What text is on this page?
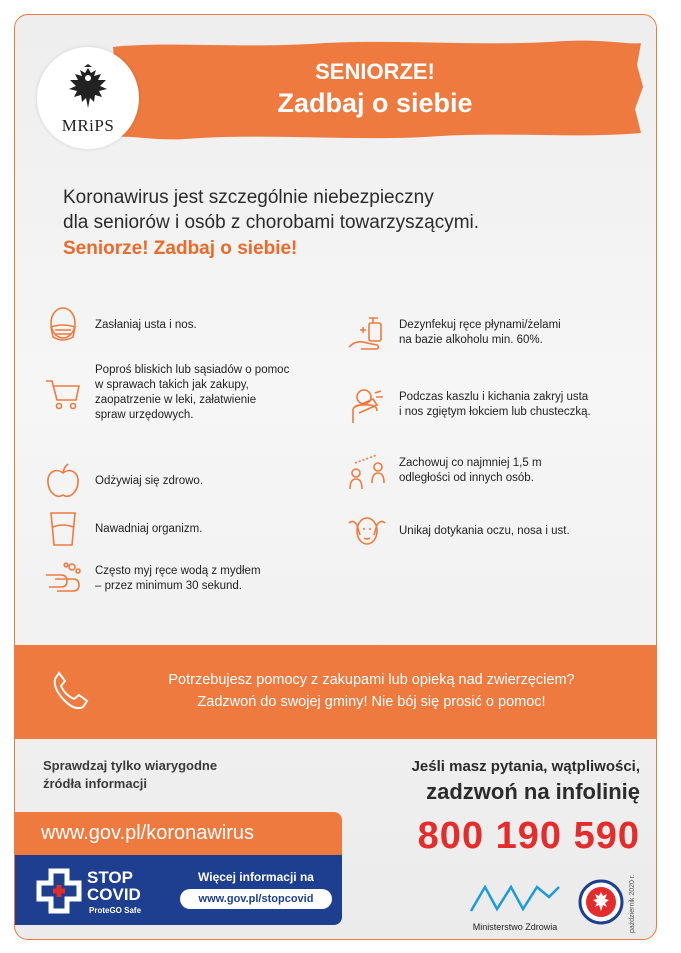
MRiPS
SENIORZE!
Zadbaj o siebie
Koronawirus jest szczególnie niebezpieczny
dla seniorów i osób z chorobami towarzyszącymi.
Seniorze! Zadbaj o siebie!
Zasłaniaj usta i nos.
Poproś bliskich lub sąsiadów o pomoc
w sprawach takich jak zakupy,
zaopatrzenie w leki, załatwienie
spraw urzędowych.
Odżywiaj się zdrowo.
Nawadniaj organizm.
Często myj ręce wodą z mydłem
– przez minimum 30 sekund.
Dezynfekuj ręce płynami/żelami
na bazie alkoholu min. 60%.
Podczas kaszlu i kichania zakryj usta
i nos zgiętym łokciem lub chusteczką.
Zachowuj co najmniej 1,5 m
odległości od innych osób.
Unikaj dotykania oczu, nosa i ust.
Potrzebujesz pomocy z zakupami lub opieką nad zwierzęciem?
Zadzwoń do swojej gminy! Nie bój się prosić o pomoc!
Sprawdzaj tylko wiarygodne
źródła informacji
www.gov.pl/koronawirus
STOP
COVID
ProteGO Safe
Więcej informacji na
www.gov.pl/stopcovid
Jeśli masz pytania, wątpliwości,
zadzwoń na infolinię
800 190 590
Ministerstwo Zdrowia	październik 2020 r.
